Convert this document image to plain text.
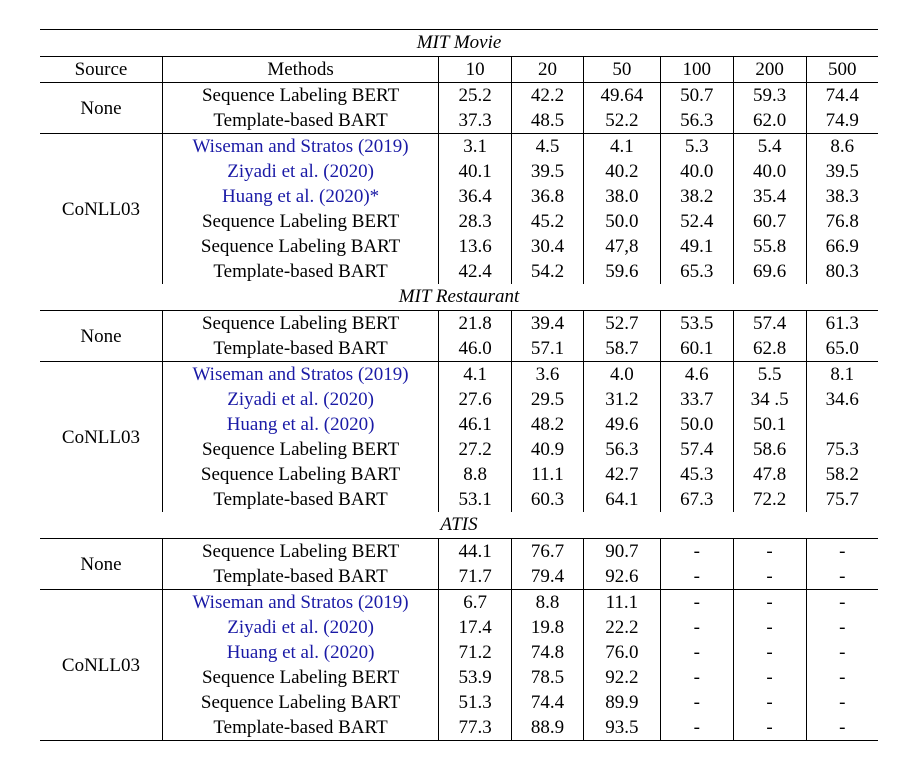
MIT Movie							
Source	Methods	10	20	50	100	200	500
None	Sequence Labeling BERT	25.2	42.2	49.64	50.7	59.3	74.4
	Template-based BART	37.3	48.5	52.2	56.3	62.0	74.9
CoNLL03	Wiseman and Stratos (2019)	3.1	4.5	4.1	5.3	5.4	8.6
	Ziyadi et al. (2020)	40.1	39.5	40.2	40.0	40.0	39.5
	Huang et al. (2020)*	36.4	36.8	38.0	38.2	35.4	38.3
	Sequence Labeling BERT	28.3	45.2	50.0	52.4	60.7	76.8
	Sequence Labeling BART	13.6	30.4	47,8	49.1	55.8	66.9
	Template-based BART	42.4	54.2	59.6	65.3	69.6	80.3
MIT Restaurant							
None	Sequence Labeling BERT	21.8	39.4	52.7	53.5	57.4	61.3
	Template-based BART	46.0	57.1	58.7	60.1	62.8	65.0
CoNLL03	Wiseman and Stratos (2019)	4.1	3.6	4.0	4.6	5.5	8.1
	Ziyadi et al. (2020)	27.6	29.5	31.2	33.7	34 .5	34.6
	Huang et al. (2020)	46.1	48.2	49.6	50.0	50.1	
	Sequence Labeling BERT	27.2	40.9	56.3	57.4	58.6	75.3
	Sequence Labeling BART	8.8	11.1	42.7	45.3	47.8	58.2
	Template-based BART	53.1	60.3	64.1	67.3	72.2	75.7
ATIS							
None	Sequence Labeling BERT	44.1	76.7	90.7	-	-	-
	Template-based BART	71.7	79.4	92.6	-	-	-
CoNLL03	Wiseman and Stratos (2019)	6.7	8.8	11.1	-	-	-
	Ziyadi et al. (2020)	17.4	19.8	22.2	-	-	-
	Huang et al. (2020)	71.2	74.8	76.0	-	-	-
	Sequence Labeling BERT	53.9	78.5	92.2	-	-	-
	Sequence Labeling BART	51.3	74.4	89.9	-	-	-
	Template-based BART	77.3	88.9	93.5	-	-	-
